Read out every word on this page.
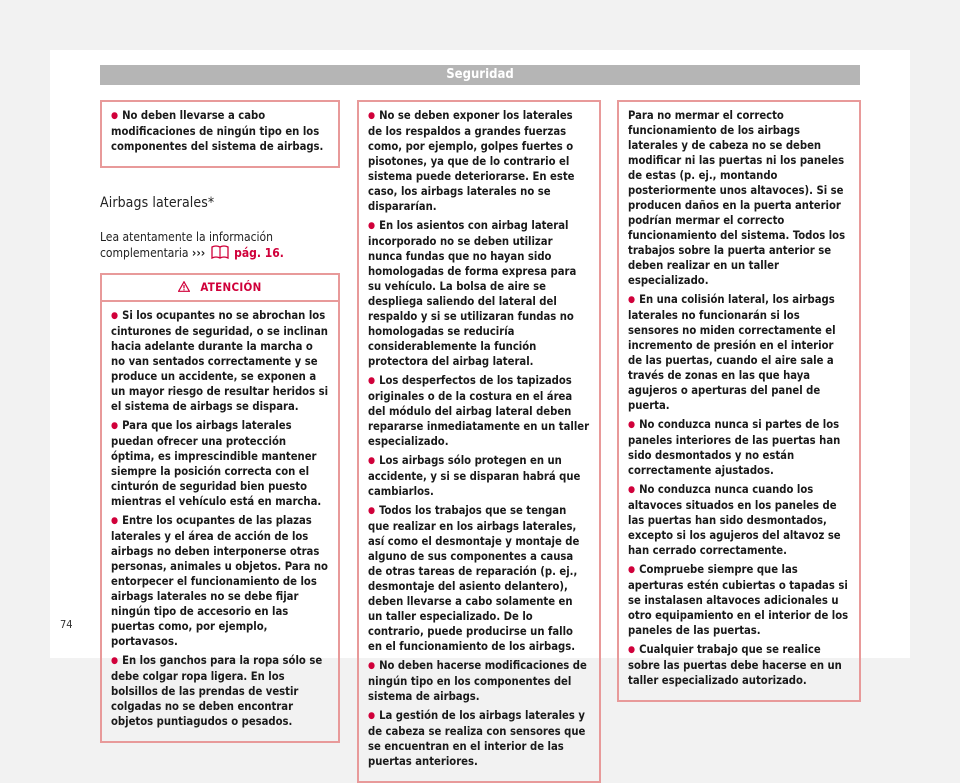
Seguridad
● No deben llevarse a cabo modificaciones de ningún tipo en los componentes del sistema de airbags.
Airbags laterales*
Lea atentamente la información complementaria ››› pág. 16.
ATENCIÓN
● Si los ocupantes no se abrochan los cinturones de seguridad, o se inclinan hacia adelante durante la marcha o no van sentados correctamente y se produce un accidente, se exponen a un mayor riesgo de resultar heridos si el sistema de airbags se dispara.
● Para que los airbags laterales puedan ofrecer una protección óptima, es imprescindible mantener siempre la posición correcta con el cinturón de seguridad bien puesto mientras el vehículo está en marcha.
● Entre los ocupantes de las plazas laterales y el área de acción de los airbags no deben interponerse otras personas, animales u objetos. Para no entorpecer el funcionamiento de los airbags laterales no se debe fijar ningún tipo de accesorio en las puertas como, por ejemplo, portavasos.
● En los ganchos para la ropa sólo se debe colgar ropa ligera. En los bolsillos de las prendas de vestir colgadas no se deben encontrar objetos puntiagudos o pesados.
● No se deben exponer los laterales de los respaldos a grandes fuerzas como, por ejemplo, golpes fuertes o pisotones, ya que de lo contrario el sistema puede deteriorarse. En este caso, los airbags laterales no se dispararían.
● En los asientos con airbag lateral incorporado no se deben utilizar nunca fundas que no hayan sido homologadas de forma expresa para su vehículo. La bolsa de aire se despliega saliendo del lateral del respaldo y si se utilizaran fundas no homologadas se reduciría considerablemente la función protectora del airbag lateral.
● Los desperfectos de los tapizados originales o de la costura en el área del módulo del airbag lateral deben repararse inmediatamente en un taller especializado.
● Los airbags sólo protegen en un accidente, y si se disparan habrá que cambiarlos.
● Todos los trabajos que se tengan que realizar en los airbags laterales, así como el desmontaje y montaje de alguno de sus componentes a causa de otras tareas de reparación (p. ej., desmontaje del asiento delantero), deben llevarse a cabo solamente en un taller especializado. De lo contrario, puede producirse un fallo en el funcionamiento de los airbags.
● No deben hacerse modificaciones de ningún tipo en los componentes del sistema de airbags.
● La gestión de los airbags laterales y de cabeza se realiza con sensores que se encuentran en el interior de las puertas anteriores.
Para no mermar el correcto funcionamiento de los airbags laterales y de cabeza no se deben modificar ni las puertas ni los paneles de estas (p. ej., montando posteriormente unos altavoces). Si se producen daños en la puerta anterior podrían mermar el correcto funcionamiento del sistema. Todos los trabajos sobre la puerta anterior se deben realizar en un taller especializado.
● En una colisión lateral, los airbags laterales no funcionarán si los sensores no miden correctamente el incremento de presión en el interior de las puertas, cuando el aire sale a través de zonas en las que haya agujeros o aperturas del panel de puerta.
● No conduzca nunca si partes de los paneles interiores de las puertas han sido desmontados y no están correctamente ajustados.
● No conduzca nunca cuando los altavoces situados en los paneles de las puertas han sido desmontados, excepto si los agujeros del altavoz se han cerrado correctamente.
● Compruebe siempre que las aperturas estén cubiertas o tapadas si se instalasen altavoces adicionales u otro equipamiento en el interior de los paneles de las puertas.
● Cualquier trabajo que se realice sobre las puertas debe hacerse en un taller especializado autorizado.
74
